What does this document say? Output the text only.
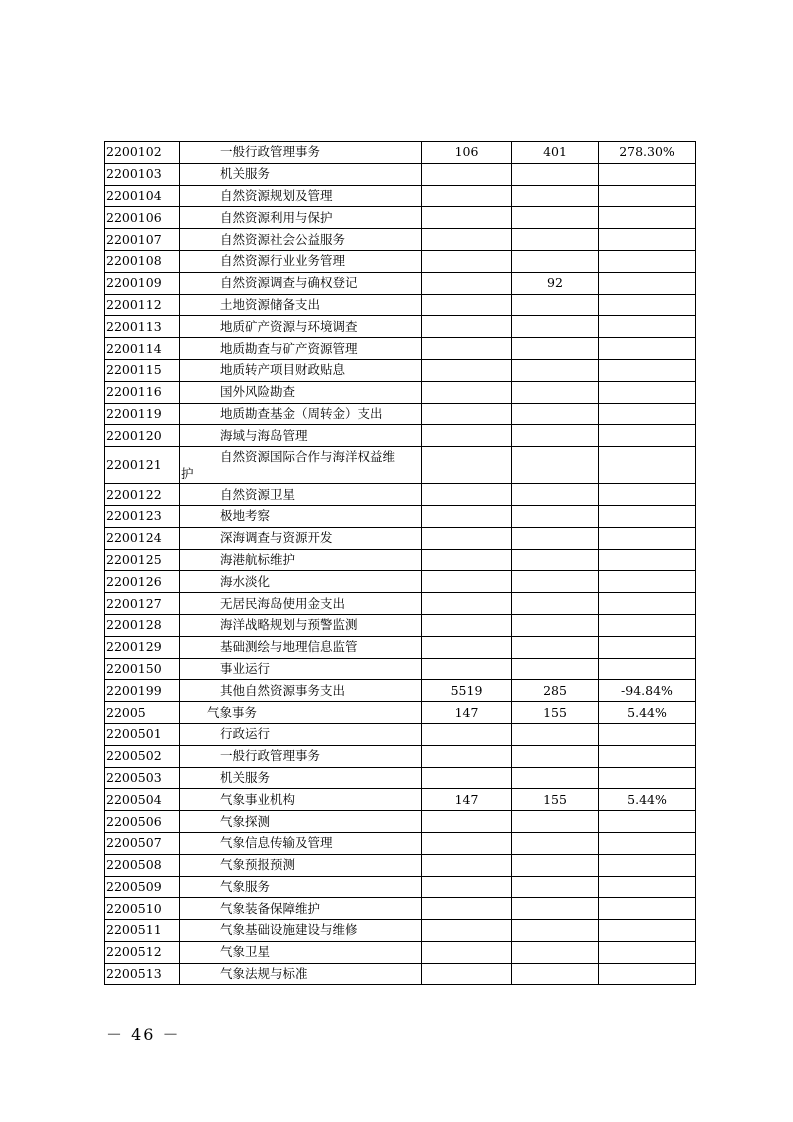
2200102	一般行政管理事务	106	401	278.30%
2200103	机关服务			
2200104	自然资源规划及管理			
2200106	自然资源利用与保护			
2200107	自然资源社会公益服务			
2200108	自然资源行业业务管理			
2200109	自然资源调查与确权登记		92	
2200112	土地资源储备支出			
2200113	地质矿产资源与环境调查			
2200114	地质勘查与矿产资源管理			
2200115	地质转产项目财政贴息			
2200116	国外风险勘查			
2200119	地质勘查基金（周转金）支出			
2200120	海域与海岛管理			
2200121	自然资源国际合作与海洋权益维
护			

2200122	自然资源卫星			
2200123	极地考察			
2200124	深海调查与资源开发			
2200125	海港航标维护			
2200126	海水淡化			
2200127	无居民海岛使用金支出			
2200128	海洋战略规划与预警监测			
2200129	基础测绘与地理信息监管			
2200150	事业运行			
2200199	其他自然资源事务支出	5519	285	-94.84%
22005	气象事务	147	155	5.44%
2200501	行政运行			
2200502	一般行政管理事务			
2200503	机关服务			
2200504	气象事业机构	147	155	5.44%
2200506	气象探测			
2200507	气象信息传输及管理			
2200508	气象预报预测			
2200509	气象服务			
2200510	气象装备保障维护			
2200511	气象基础设施建设与维修			
2200512	气象卫星			
2200513	气象法规与标准			
－ 46 －
